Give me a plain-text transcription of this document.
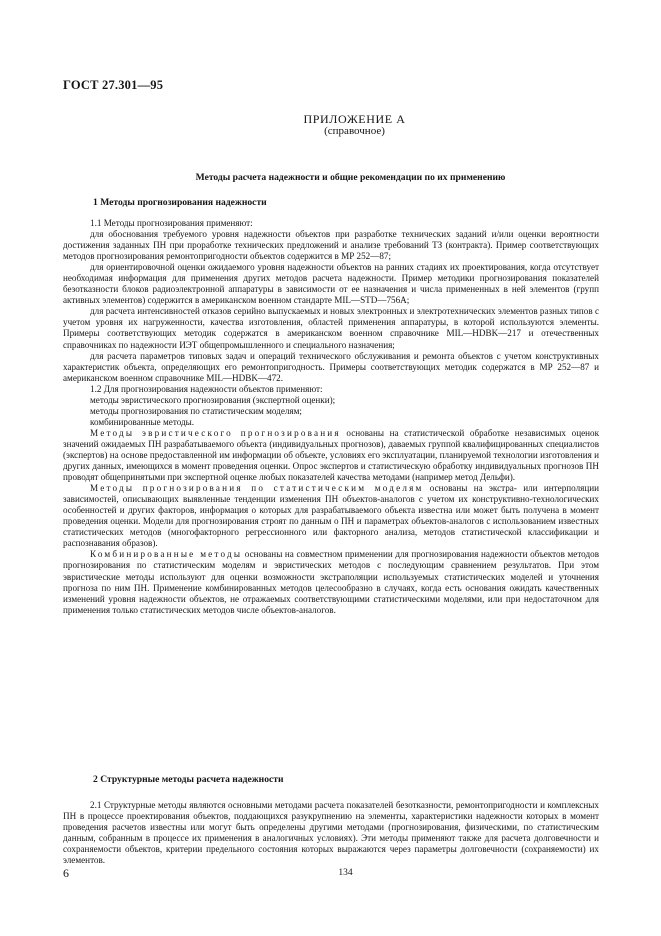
ГОСТ 27.301—95
ПРИЛОЖЕНИЕ А
(справочное)
Методы расчета надежности и общие рекомендации по их применению
1 Методы прогнозирования надежности

1.1 Методы прогнозирования применяют:

для обоснования требуемого уровня надежности объектов при разработке технических заданий и/или оценки вероятности достижения заданных ПН при проработке технических предложений и анализе требований ТЗ (контракта). Пример соответствующих методов прогнозирования ремонтопригодности объектов содержится в МР 252—87;

для ориентировочной оценки ожидаемого уровня надежности объектов на ранних стадиях их проектирования, когда отсутствует необходимая информация для применения других методов расчета надежности. Пример методики прогнозирования показателей безотказности блоков радиоэлектронной аппаратуры в зависимости от ее назначения и числа примененных в ней элементов (групп активных элементов) содержится в американском военном стандарте MIL—STD—756A;

для расчета интенсивностей отказов серийно выпускаемых и новых электронных и электротехнических элементов разных типов с учетом уровня их нагруженности, качества изготовления, областей применения аппаратуры, в которой используются элементы. Примеры соответствующих методик содержатся в американском военном справочнике MIL—HDBK—217 и отечественных справочниках по надежности ИЭТ общепромышленного и специального назначения;

для расчета параметров типовых задач и операций технического обслуживания и ремонта объектов с учетом конструктивных характеристик объекта, определяющих его ремонтопригодность. Примеры соответствующих методик содержатся в МР 252—87 и американском военном справочнике MIL—HDBK—472.

1.2 Для прогнозирования надежности объектов применяют:

методы эвристического прогнозирования (экспертной оценки);

методы прогнозирования по статистическим моделям;

комбинированные методы.

Методы эвристического прогнозирования основаны на статистической обработке независимых оценок значений ожидаемых ПН разрабатываемого объекта (индивидуальных прогнозов), даваемых группой квалифицированных специалистов (экспертов) на основе предоставленной им информации об объекте, условиях его эксплуатации, планируемой технологии изготовления и других данных, имеющихся в момент проведения оценки. Опрос экспертов и статистическую обработку индивидуальных прогнозов ПН проводят общепринятыми при экспертной оценке любых показателей качества методами (например метод Дельфи).

Методы прогнозирования по статистическим моделям основаны на экстра- или интерполяции зависимостей, описывающих выявленные тенденции изменения ПН объектов-аналогов с учетом их конструктивно-технологических особенностей и других факторов, информация о которых для разрабатываемого объекта известна или может быть получена в момент проведения оценки. Модели для прогнозирования строят по данным о ПН и параметрах объектов-аналогов с использованием известных статистических методов (многофакторного регрессионного или факторного анализа, методов статистической классификации и распознавания образов).

Комбинированные методы основаны на совместном применении для прогнозирования надежности объектов методов прогнозирования по статистическим моделям и эвристических методов с последующим сравнением результатов. При этом эвристические методы используют для оценки возможности экстраполяции используемых статистических моделей и уточнения прогноза по ним ПН. Применение комбинированных методов целесообразно в случаях, когда есть основания ожидать качественных изменений уровня надежности объектов, не отражаемых соответствующими статистическими моделями, или при недостаточном для применения только статистических методов числе объектов-аналогов.

2 Структурные методы расчета надежности

2.1 Структурные методы являются основными методами расчета показателей безотказности, ремонтопригодности и комплексных ПН в процессе проектирования объектов, поддающихся разукрупнению на элементы, характеристики надежности которых в момент проведения расчетов известны или могут быть определены другими методами (прогнозирования, физическими, по статистическим данным, собранным в процессе их применения в аналогичных условиях). Эти методы применяют также для расчета долговечности и сохраняемости объектов, критерии предельного состояния которых выражаются через параметры долговечности (сохраняемости) их элементов.

6	134
